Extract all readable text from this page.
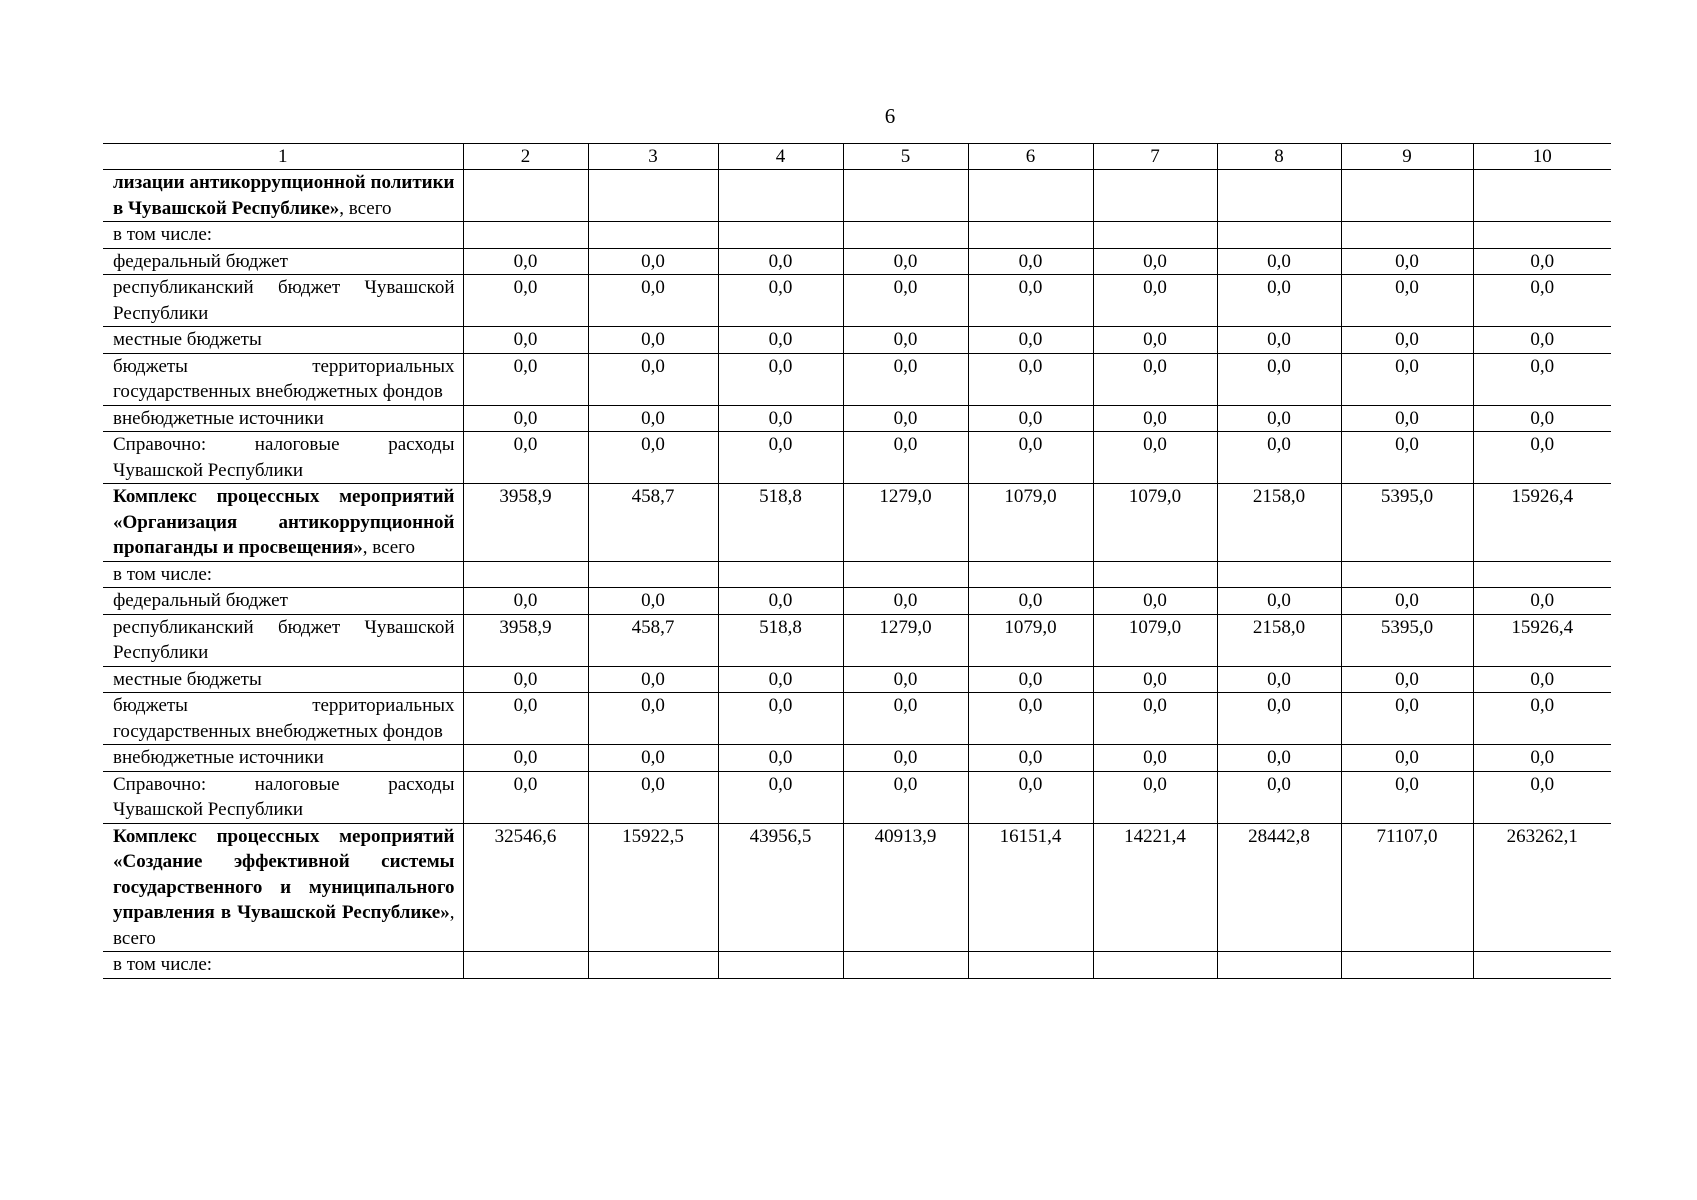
6
1	2	3	4	5	6	7	8	9	10
лизации антикоррупционной политики в Чувашской Республике», всего									
в том числе:									
федеральный бюджет	0,0	0,0	0,0	0,0	0,0	0,0	0,0	0,0	0,0
республиканский бюджет Чувашской Республики	0,0	0,0	0,0	0,0	0,0	0,0	0,0	0,0	0,0
местные бюджеты	0,0	0,0	0,0	0,0	0,0	0,0	0,0	0,0	0,0
бюджеты территориальных государственных внебюджетных фондов	0,0	0,0	0,0	0,0	0,0	0,0	0,0	0,0	0,0
внебюджетные источники	0,0	0,0	0,0	0,0	0,0	0,0	0,0	0,0	0,0
Справочно: налоговые расходы Чувашской Республики	0,0	0,0	0,0	0,0	0,0	0,0	0,0	0,0	0,0
Комплекс процессных мероприятий «Организация антикоррупционной пропаганды и просвещения», всего	3958,9	458,7	518,8	1279,0	1079,0	1079,0	2158,0	5395,0	15926,4
в том числе:									
федеральный бюджет	0,0	0,0	0,0	0,0	0,0	0,0	0,0	0,0	0,0
республиканский бюджет Чувашской Республики	3958,9	458,7	518,8	1279,0	1079,0	1079,0	2158,0	5395,0	15926,4
местные бюджеты	0,0	0,0	0,0	0,0	0,0	0,0	0,0	0,0	0,0
бюджеты территориальных государственных внебюджетных фондов	0,0	0,0	0,0	0,0	0,0	0,0	0,0	0,0	0,0
внебюджетные источники	0,0	0,0	0,0	0,0	0,0	0,0	0,0	0,0	0,0
Справочно: налоговые расходы Чувашской Республики	0,0	0,0	0,0	0,0	0,0	0,0	0,0	0,0	0,0
Комплекс процессных мероприятий «Создание эффективной системы государственного и муниципального управления в Чувашской Республике», всего	32546,6	15922,5	43956,5	40913,9	16151,4	14221,4	28442,8	71107,0	263262,1
в том числе:									
